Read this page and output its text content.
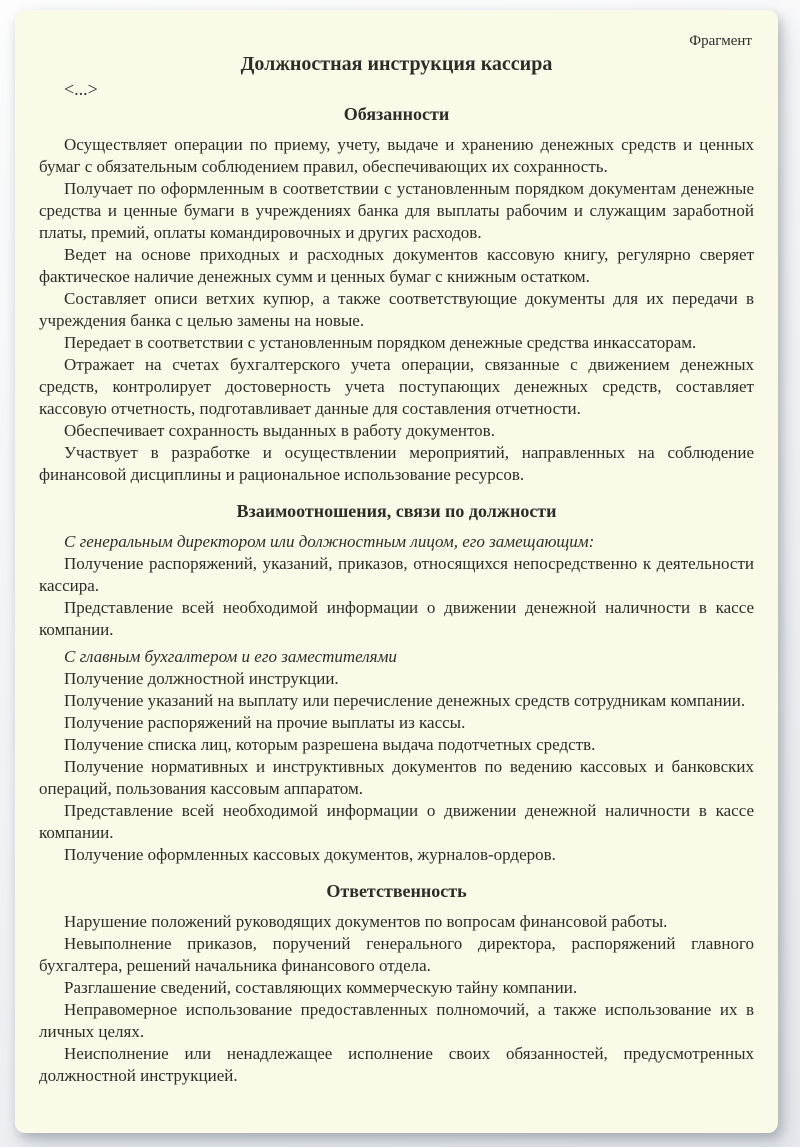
Фрагмент
Должностная инструкция кассира
<...>
Обязанности

Осуществляет операции по приему, учету, выдаче и хранению денежных средств и ценных бумаг с обязательным соблюдением правил, обеспечивающих их сохранность.

Получает по оформленным в соответствии с установленным порядком документам денежные средства и ценные бумаги в учреждениях банка для выплаты рабочим и служащим заработной платы, премий, оплаты командировочных и других расходов.

Ведет на основе приходных и расходных документов кассовую книгу, регулярно сверяет фактическое наличие денежных сумм и ценных бумаг с книжным остатком.

Составляет описи ветхих купюр, а также соответствующие документы для их передачи в учреждения банка с целью замены на новые.

Передает в соответствии с установленным порядком денежные средства инкассаторам.

Отражает на счетах бухгалтерского учета операции, связанные с движением денежных средств, контролирует достоверность учета поступающих денежных средств, составляет кассовую отчетность, подготавливает данные для составления отчетности.

Обеспечивает сохранность выданных в работу документов.

Участвует в разработке и осуществлении мероприятий, направленных на соблюдение финансовой дисциплины и рациональное использование ресурсов.

Взаимоотношения, связи по должности

С генеральным директором или должностным лицом, его замещающим:

Получение распоряжений, указаний, приказов, относящихся непосредственно к деятельности кассира.

Представление всей необходимой информации о движении денежной наличности в кассе компании.

С главным бухгалтером и его заместителями

Получение должностной инструкции.

Получение указаний на выплату или перечисление денежных средств сотрудникам компании.

Получение распоряжений на прочие выплаты из кассы.

Получение списка лиц, которым разрешена выдача подотчетных средств.

Получение нормативных и инструктивных документов по ведению кассовых и банковских операций, пользования кассовым аппаратом.

Представление всей необходимой информации о движении денежной наличности в кассе компании.

Получение оформленных кассовых документов, журналов-ордеров.

Ответственность

Нарушение положений руководящих документов по вопросам финансовой работы.

Невыполнение приказов, поручений генерального директора, распоряжений главного бухгалтера, решений начальника финансового отдела.

Разглашение сведений, составляющих коммерческую тайну компании.

Неправомерное использование предоставленных полномочий, а также использование их в личных целях.

Неисполнение или ненадлежащее исполнение своих обязанностей, предусмотренных должностной инструкцией.
